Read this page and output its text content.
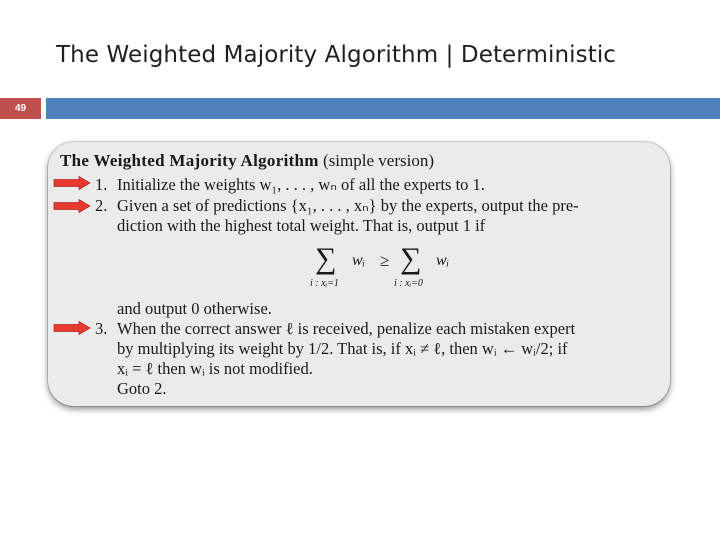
The Weighted Majority Algorithm | Deterministic
49
The Weighted Majority Algorithm (simple version)
1. Initialize the weights w₁, . . . , wₙ of all the experts to 1.
2. Given a set of predictions {x₁, . . . , xₙ} by the experts, output the pre-
diction with the highest total weight. That is, output 1 if
∑ wᵢ ≥ ∑ wᵢ
i : xᵢ=1	i : xᵢ=0
and output 0 otherwise.
3. When the correct answer ℓ is received, penalize each mistaken expert
by multiplying its weight by 1/2. That is, if xᵢ ≠ ℓ, then wᵢ ← wᵢ/2; if
xᵢ = ℓ then wᵢ is not modified.
Goto 2.
